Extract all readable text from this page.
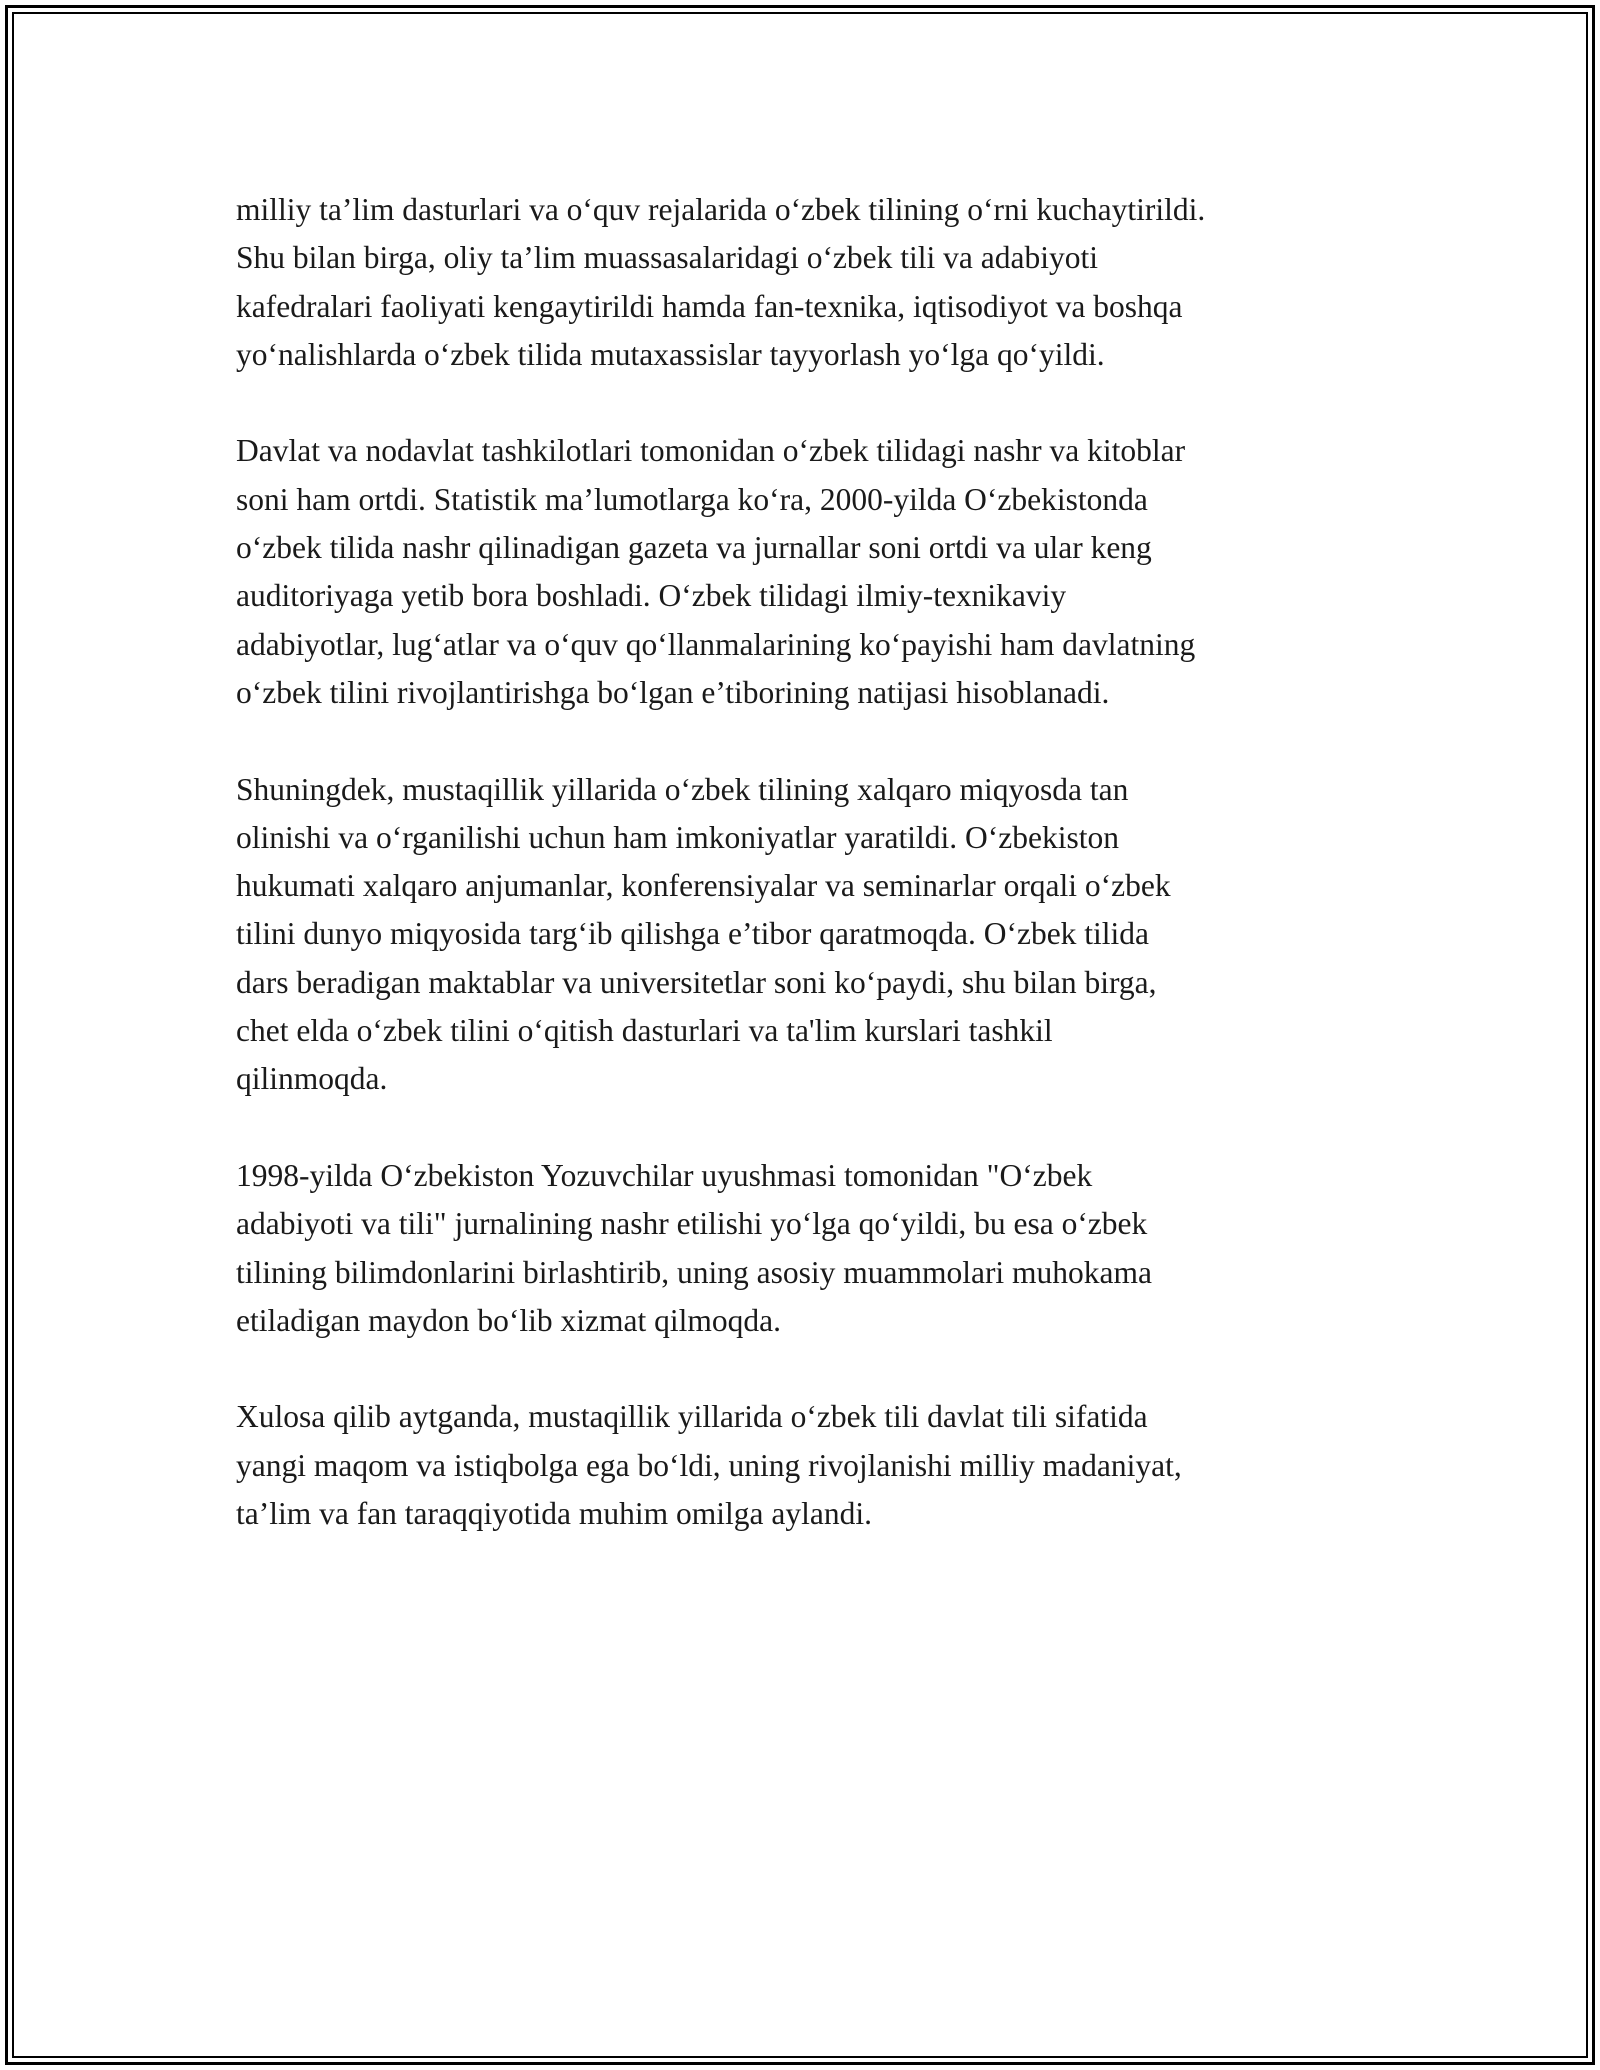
milliy ta’lim dasturlari va o‘quv rejalarida o‘zbek tilining o‘rni kuchaytirildi.
Shu bilan birga, oliy ta’lim muassasalaridagi o‘zbek tili va adabiyoti
kafedralari faoliyati kengaytirildi hamda fan-texnika, iqtisodiyot va boshqa
yo‘nalishlarda o‘zbek tilida mutaxassislar tayyorlash yo‘lga qo‘yildi.

Davlat va nodavlat tashkilotlari tomonidan o‘zbek tilidagi nashr va kitoblar
soni ham ortdi. Statistik ma’lumotlarga ko‘ra, 2000-yilda O‘zbekistonda
o‘zbek tilida nashr qilinadigan gazeta va jurnallar soni ortdi va ular keng
auditoriyaga yetib bora boshladi. O‘zbek tilidagi ilmiy-texnikaviy
adabiyotlar, lug‘atlar va o‘quv qo‘llanmalarining ko‘payishi ham davlatning
o‘zbek tilini rivojlantirishga bo‘lgan e’tiborining natijasi hisoblanadi.

Shuningdek, mustaqillik yillarida o‘zbek tilining xalqaro miqyosda tan
olinishi va o‘rganilishi uchun ham imkoniyatlar yaratildi. O‘zbekiston
hukumati xalqaro anjumanlar, konferensiyalar va seminarlar orqali o‘zbek
tilini dunyo miqyosida targ‘ib qilishga e’tibor qaratmoqda. O‘zbek tilida
dars beradigan maktablar va universitetlar soni ko‘paydi, shu bilan birga,
chet elda o‘zbek tilini o‘qitish dasturlari va ta'lim kurslari tashkil
qilinmoqda.

1998-yilda O‘zbekiston Yozuvchilar uyushmasi tomonidan "O‘zbek
adabiyoti va tili" jurnalining nashr etilishi yo‘lga qo‘yildi, bu esa o‘zbek
tilining bilimdonlarini birlashtirib, uning asosiy muammolari muhokama
etiladigan maydon bo‘lib xizmat qilmoqda.

Xulosa qilib aytganda, mustaqillik yillarida o‘zbek tili davlat tili sifatida
yangi maqom va istiqbolga ega bo‘ldi, uning rivojlanishi milliy madaniyat,
ta’lim va fan taraqqiyotida muhim omilga aylandi.
